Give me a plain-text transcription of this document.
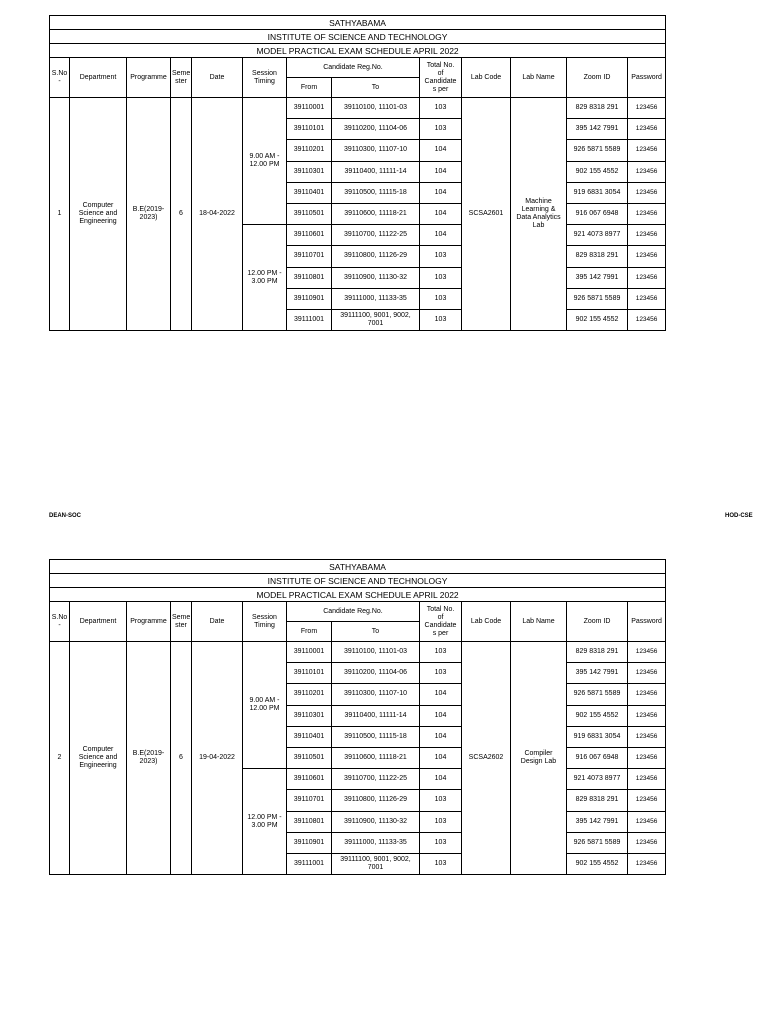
SATHYABAMA												
INSTITUTE OF SCIENCE AND TECHNOLOGY												
MODEL PRACTICAL EXAM SCHEDULE APRIL 2022												
S.No
-	Department	Programme	Seme
ster	Date	Session
Timing	Candidate Reg.No.		Total No.
of
Candidate
s per	Lab Code	Lab Name	Zoom ID	Password
						From	To					
1	Computer
Science and
Engineering	B.E(2019-
2023)	6	18-04-2022	9.00 AM -
12.00 PM	39110001	39110100, 11101-03	103	SCSA2601	Machine
Learning &
Data Analytics
Lab	829 8318 291	123456
						39110101	39110200, 11104-06	103			395 142 7991	123456
						39110201	39110300, 11107-10	104			926 5871 5589	123456
						39110301	39110400, 11111-14	104			902 155 4552	123456
						39110401	39110500, 11115-18	104			919 6831 3054	123456
						39110501	39110600, 11118-21	104			916 067 6948	123456
					12.00 PM -
3.00 PM	39110601	39110700, 11122-25	104			921 4073 8977	123456
						39110701	39110800, 11126-29	103			829 8318 291	123456
						39110801	39110900, 11130-32	103			395 142 7991	123456
						39110901	39111000, 11133-35	103			926 5871 5589	123456
						39111001	39111100, 9001, 9002, 7001	103			902 155 4552	123456
SATHYABAMA												
INSTITUTE OF SCIENCE AND TECHNOLOGY												
MODEL PRACTICAL EXAM SCHEDULE APRIL 2022												
S.No
-	Department	Programme	Seme
ster	Date	Session
Timing	Candidate Reg.No.		Total No.
of
Candidate
s per	Lab Code	Lab Name	Zoom ID	Password
						From	To					
2	Computer
Science and
Engineering	B.E(2019-
2023)	6	19-04-2022	9.00 AM -
12.00 PM	39110001	39110100, 11101-03	103	SCSA2602	Compiler
Design Lab	829 8318 291	123456
						39110101	39110200, 11104-06	103			395 142 7991	123456
						39110201	39110300, 11107-10	104			926 5871 5589	123456
						39110301	39110400, 11111-14	104			902 155 4552	123456
						39110401	39110500, 11115-18	104			919 6831 3054	123456
						39110501	39110600, 11118-21	104			916 067 6948	123456
					12.00 PM -
3.00 PM	39110601	39110700, 11122-25	104			921 4073 8977	123456
						39110701	39110800, 11126-29	103			829 8318 291	123456
						39110801	39110900, 11130-32	103			395 142 7991	123456
						39110901	39111000, 11133-35	103			926 5871 5589	123456
						39111001	39111100, 9001, 9002, 7001	103			902 155 4552	123456
DEAN-SOC	HOD-CSE
